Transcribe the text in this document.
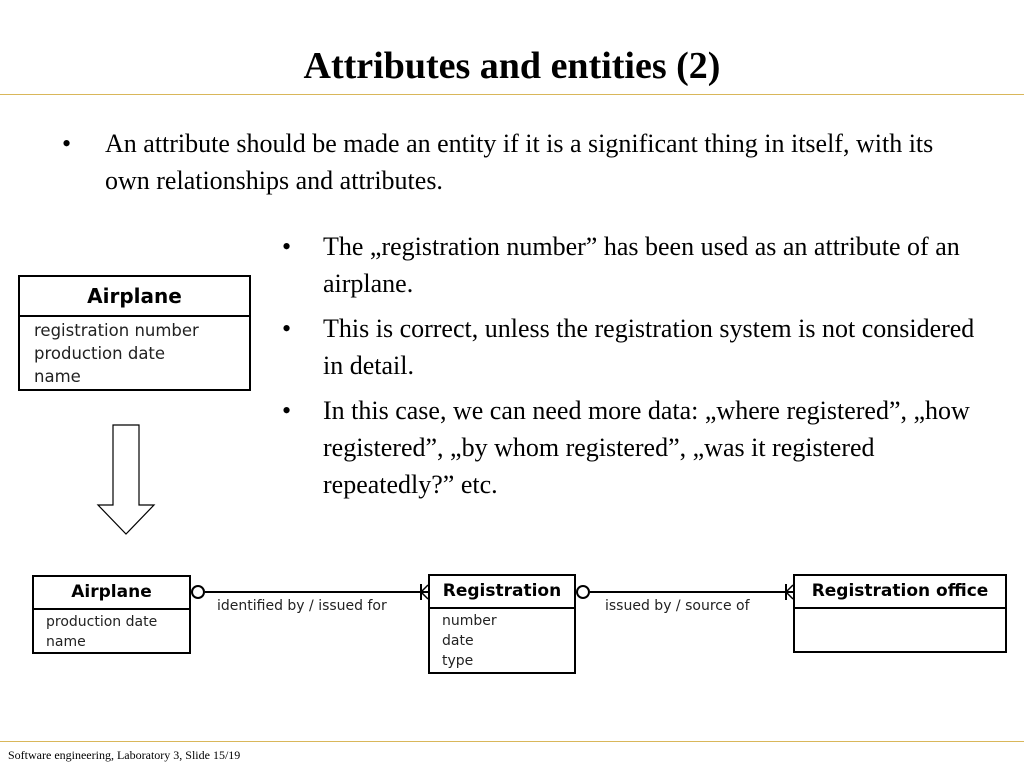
Attributes and entities (2)
• An attribute should be made an entity if it is a significant thing in itself, with its own relationships and attributes.
• The „registration number” has been used as an attribute of an airplane.
• This is correct, unless the registration system is not considered in detail.
• In this case, we can need more data: „where registered”, „how registered”, „by whom registered”, „was it registered repeatedly?” etc.
Airplane
registration number
production date
name
Airplane
production date
name
Registration
number
date
type
Registration office
identified by / issued for	issued by / source of
Software engineering, Laboratory 3, Slide 15/19
